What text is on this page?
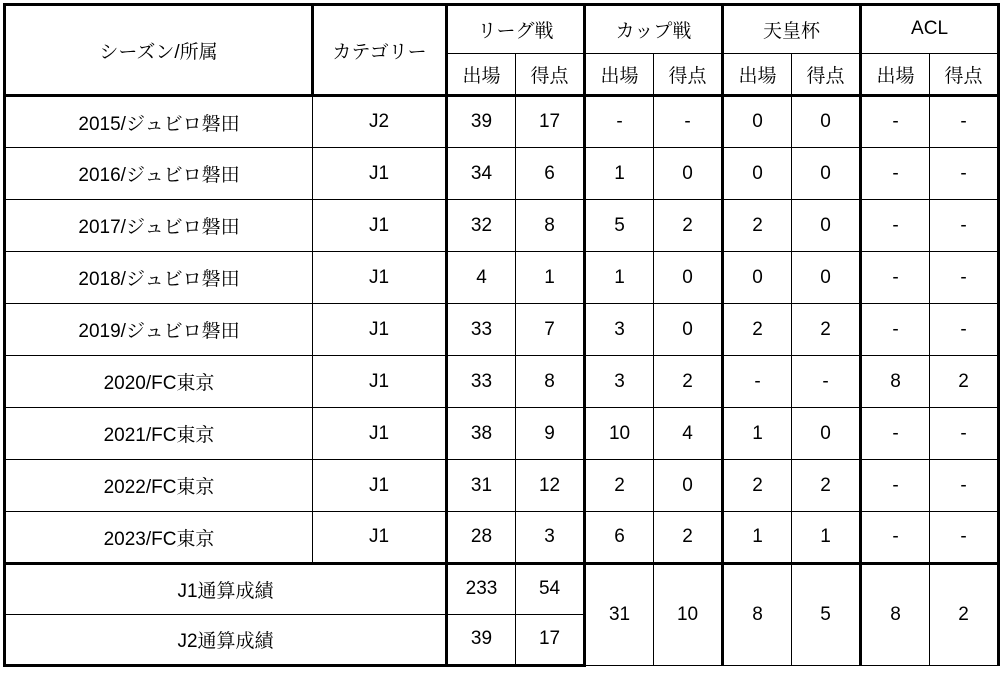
シーズン/所属	カテゴリー	リーグ戦		カップ戦		天皇杯		ACL	
		出場	得点	出場	得点	出場	得点	出場	得点
2015/ジュビロ磐田	J2	39	17	-	-	0	0	-	-
2016/ジュビロ磐田	J1	34	6	1	0	0	0	-	-
2017/ジュビロ磐田	J1	32	8	5	2	2	0	-	-
2018/ジュビロ磐田	J1	4	1	1	0	0	0	-	-
2019/ジュビロ磐田	J1	33	7	3	0	2	2	-	-
2020/FC東京	J1	33	8	3	2	-	-	8	2
2021/FC東京	J1	38	9	10	4	1	0	-	-
2022/FC東京	J1	31	12	2	0	2	2	-	-
2023/FC東京	J1	28	3	6	2	1	1	-	-
J1通算成績		233	54	31	10	8	5	8	2
J2通算成績		39	17						
